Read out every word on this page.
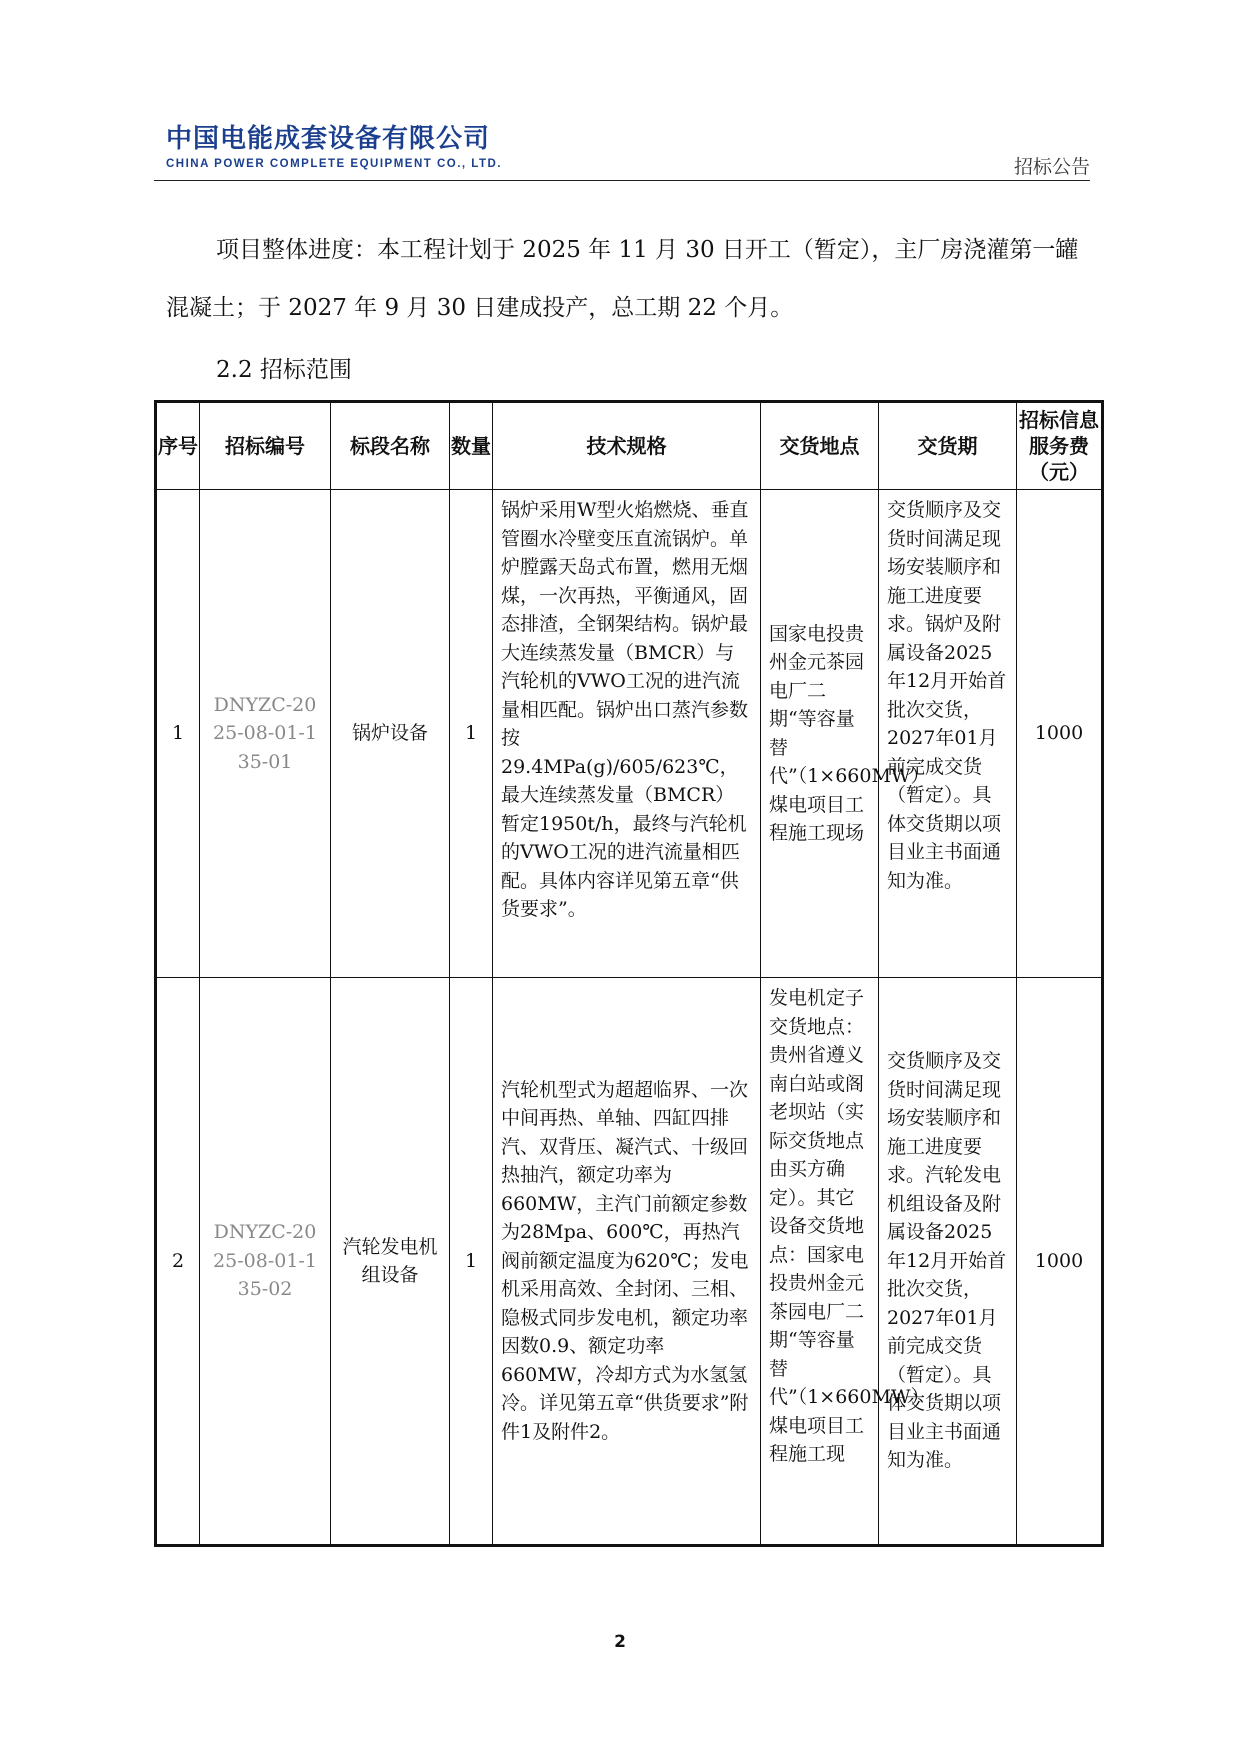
中国电能成套设备有限公司
CHINA POWER COMPLETE EQUIPMENT CO., LTD.	招标公告
项目整体进度：本工程计划于 2025 年 11 月 30 日开工（暂定），主厂房浇灌第一罐
混凝土；于 2027 年 9 月 30 日建成投产，总工期 22 个月。
2.2 招标范围
序号	招标编号	标段名称	数量	技术规格	交货地点	交货期	招标信息服务费（元）
1	DNYZC-2025-08-01-135-01	锅炉设备	1	锅炉采用W型火焰燃烧、垂直管圈水冷壁变压直流锅炉。单炉膛露天岛式布置，燃用无烟煤，一次再热，平衡通风，固态排渣，全钢架结构。锅炉最大连续蒸发量（BMCR）与汽轮机的VWO工况的进汽流量相匹配。锅炉出口蒸汽参数按29.4MPa(g)/605/623℃，最大连续蒸发量（BMCR）暂定1950t/h，最终与汽轮机的VWO工况的进汽流量相匹配。具体内容详见第五章“供货要求”。	国家电投贵州金元茶园电厂二期“等容量替代”（1×660MW）煤电项目工程施工现场	交货顺序及交货时间满足现场安装顺序和施工进度要求。锅炉及附属设备2025年12月开始首批次交货，2027年01月前完成交货（暂定）。具体交货期以项目业主书面通知为准。	1000
2	DNYZC-2025-08-01-135-02	汽轮发电机组设备	1	汽轮机型式为超超临界、一次中间再热、单轴、四缸四排汽、双背压、凝汽式、十级回热抽汽，额定功率为660MW，主汽门前额定参数为28Mpa、600℃，再热汽阀前额定温度为620℃；发电机采用高效、全封闭、三相、隐极式同步发电机，额定功率因数0.9、额定功率660MW，冷却方式为水氢氢冷。详见第五章“供货要求”附件1及附件2。	发电机定子交货地点：贵州省遵义南白站或阁老坝站（实际交货地点由买方确定）。其它设备交货地点：国家电投贵州金元茶园电厂二期“等容量替代”（1×660MW）煤电项目工程施工现	交货顺序及交货时间满足现场安装顺序和施工进度要求。汽轮发电机组设备及附属设备2025年12月开始首批次交货，2027年01月前完成交货（暂定）。具体交货期以项目业主书面通知为准。	1000
2
